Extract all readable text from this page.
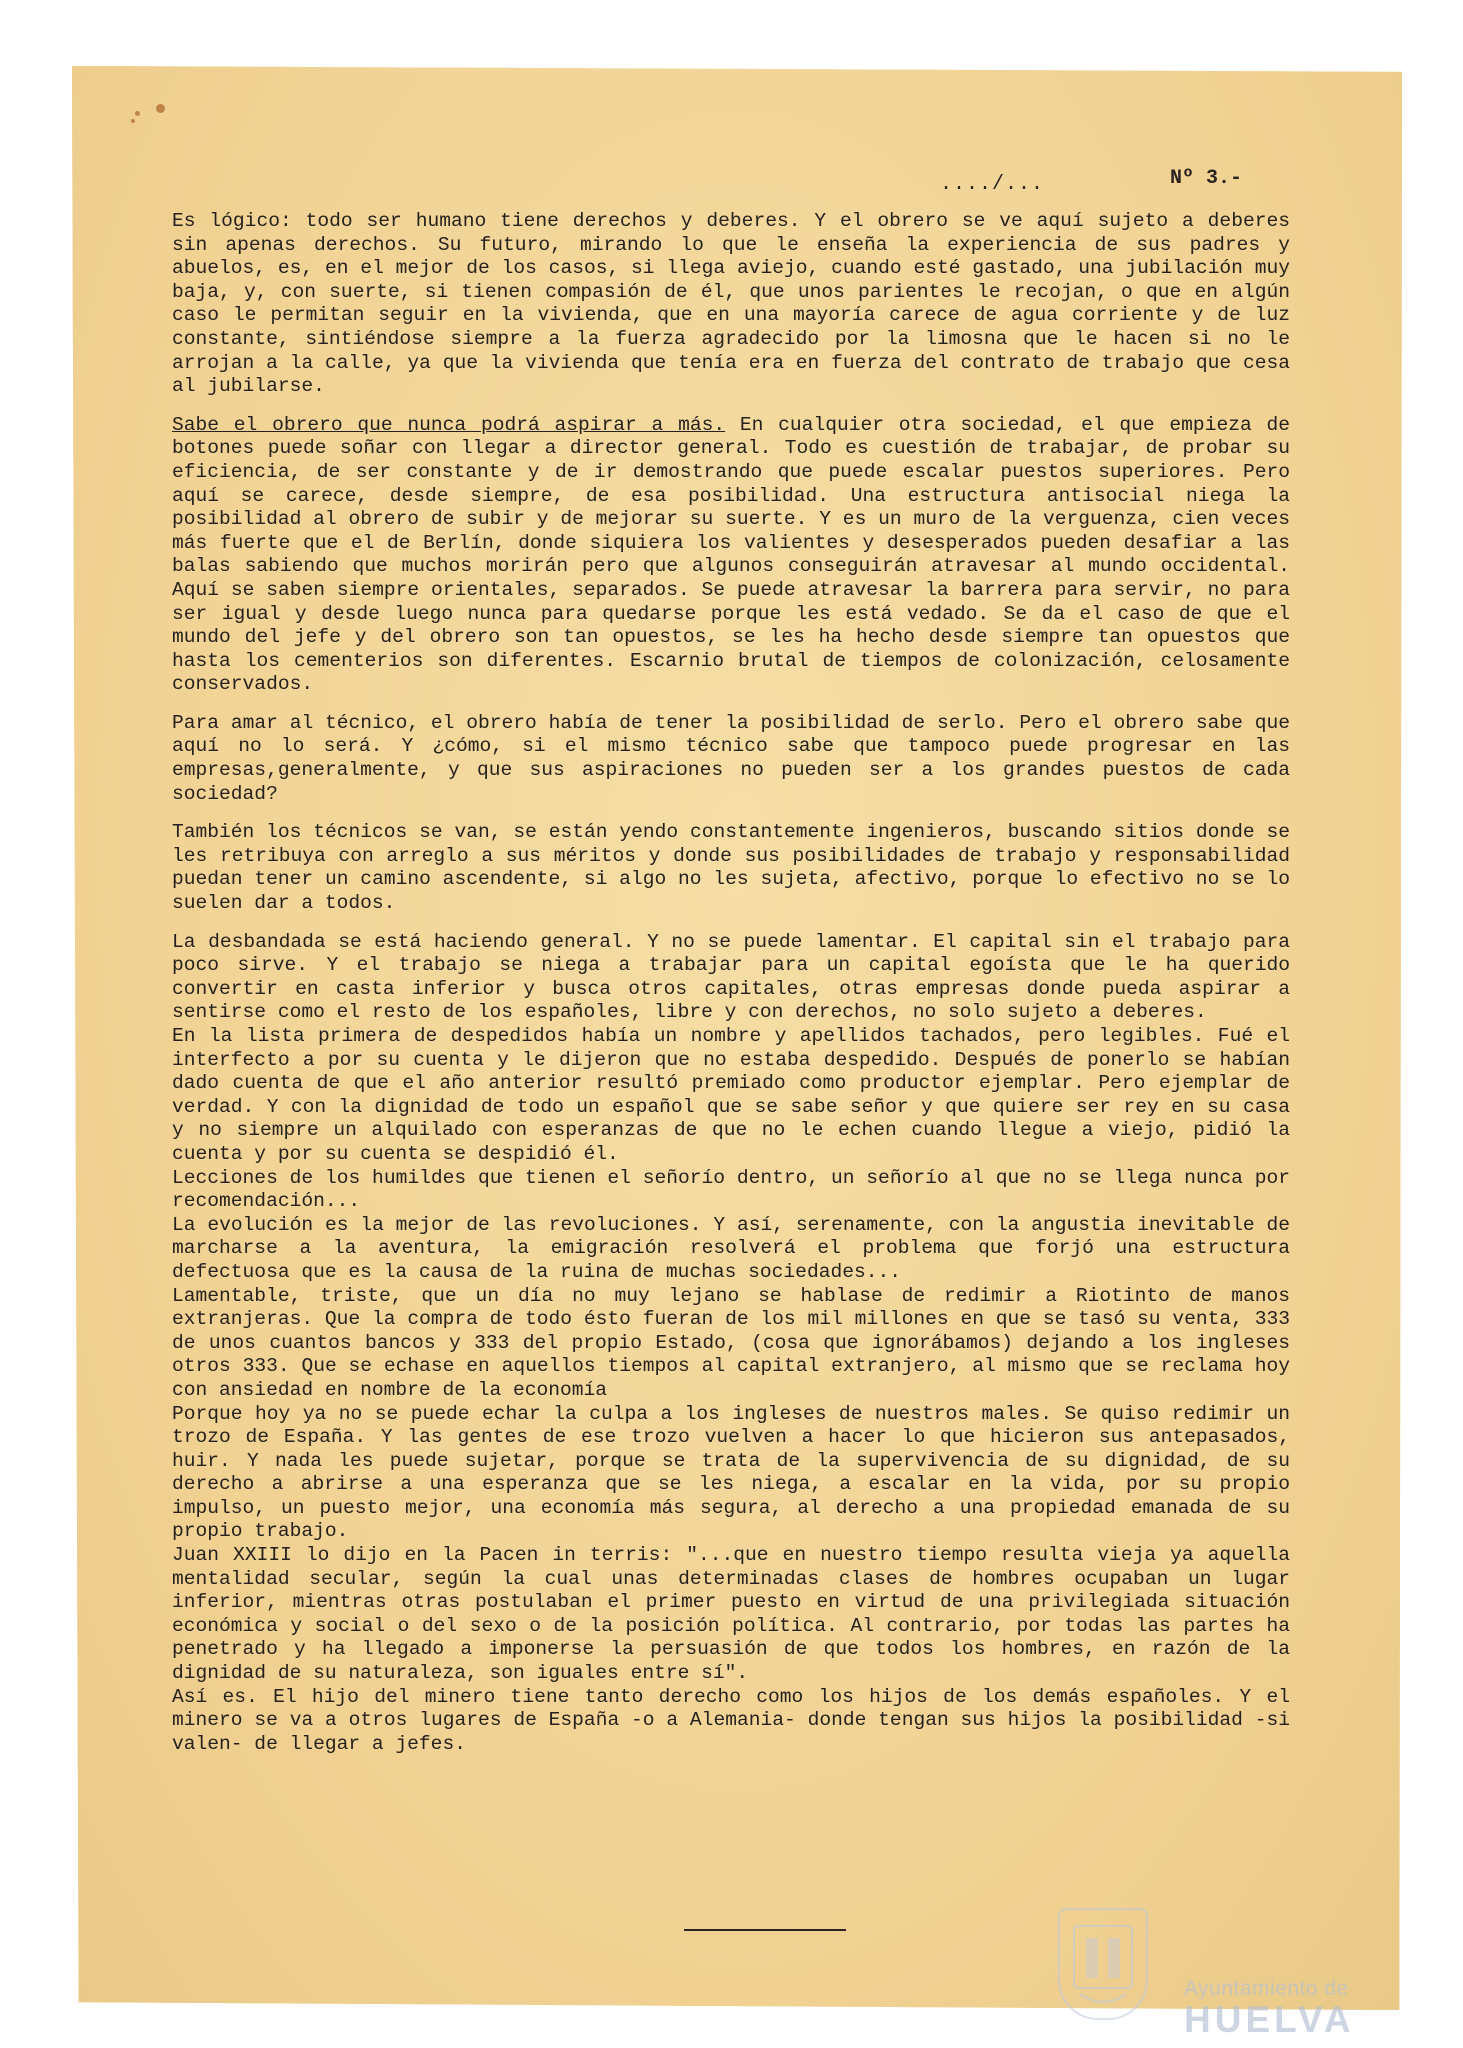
..../...	Nº 3.-

Es lógico: todo ser humano tiene derechos y deberes. Y el obrero se ve aquí sujeto a deberes sin apenas derechos. Su futuro, mirando lo que le enseña la experiencia de sus padres y abuelos, es, en el mejor de los casos, si llega aviejo, cuando esté gastado, una jubilación muy baja, y, con suerte, si tienen compasión de él, que unos parientes le recojan, o que en algún caso le permitan seguir en la vivienda, que en una mayoría carece de agua corriente y de luz constante, sintiéndose siempre a la fuerza agradecido por la limosna que le hacen si no le arrojan a la calle, ya que la vivienda que tenía era en fuerza del contrato de trabajo que cesa al jubilarse.

Sabe el obrero que nunca podrá aspirar a más. En cualquier otra sociedad, el que empieza de botones puede soñar con llegar a director general. Todo es cuestión de trabajar, de probar su eficiencia, de ser constante y de ir demostrando que puede escalar puestos superiores. Pero aquí se carece, desde siempre, de esa posibilidad. Una estructura antisocial niega la posibilidad al obrero de subir y de mejorar su suerte. Y es un muro de la verguenza, cien veces más fuerte que el de Berlín, donde siquiera los valientes y desesperados pueden desafiar a las balas sabiendo que muchos morirán pero que algunos conseguirán atravesar al mundo occidental. Aquí se saben siempre orientales, separados. Se puede atravesar la barrera para servir, no para ser igual y desde luego nunca para quedarse porque les está vedado. Se da el caso de que el mundo del jefe y del obrero son tan opuestos, se les ha hecho desde siempre tan opuestos que hasta los cementerios son diferentes. Escarnio brutal de tiempos de colonización, celosamente conservados.

Para amar al técnico, el obrero había de tener la posibilidad de serlo. Pero el obrero sabe que aquí no lo será. Y ¿cómo, si el mismo técnico sabe que tampoco puede progresar en las empresas,generalmente, y que sus aspiraciones no pueden ser a los grandes puestos de cada sociedad?

También los técnicos se van, se están yendo constantemente ingenieros, buscando sitios donde se les retribuya con arreglo a sus méritos y donde sus posibilidades de trabajo y responsabilidad puedan tener un camino ascendente, si algo no les sujeta, afectivo, porque lo efectivo no se lo suelen dar a todos.

La desbandada se está haciendo general. Y no se puede lamentar. El capital sin el trabajo para poco sirve. Y el trabajo se niega a trabajar para un capital egoísta que le ha querido convertir en casta inferior y busca otros capitales, otras empresas donde pueda aspirar a sentirse como el resto de los españoles, libre y con derechos, no solo sujeto a deberes.

En la lista primera de despedidos había un nombre y apellidos tachados, pero legibles. Fué el interfecto a por su cuenta y le dijeron que no estaba despedido. Después de ponerlo se habían dado cuenta de que el año anterior resultó premiado como productor ejemplar. Pero ejemplar de verdad. Y con la dignidad de todo un español que se sabe señor y que quiere ser rey en su casa y no siempre un alquilado con esperanzas de que no le echen cuando llegue a viejo, pidió la cuenta y por su cuenta se despidió él.

Lecciones de los humildes que tienen el señorío dentro, un señorío al que no se llega nunca por recomendación...

La evolución es la mejor de las revoluciones. Y así, serenamente, con la angustia inevitable de marcharse a la aventura, la emigración resolverá el problema que forjó una estructura defectuosa que es la causa de la ruina de muchas sociedades...

Lamentable, triste, que un día no muy lejano se hablase de redimir a Riotinto de manos extranjeras. Que la compra de todo ésto fueran de los mil millones en que se tasó su venta, 333 de unos cuantos bancos y 333 del propio Estado, (cosa que ignorábamos) dejando a los ingleses otros 333. Que se echase en aquellos tiempos al capital extranjero, al mismo que se reclama hoy con ansiedad en nombre de la economía

Porque hoy ya no se puede echar la culpa a los ingleses de nuestros males. Se quiso redimir un trozo de España. Y las gentes de ese trozo vuelven a hacer lo que hicieron sus antepasados, huir. Y nada les puede sujetar, porque se trata de la supervivencia de su dignidad, de su derecho a abrirse a una esperanza que se les niega, a escalar en la vida, por su propio impulso, un puesto mejor, una economía más segura, al derecho a una propiedad emanada de su propio trabajo.

Juan XXIII lo dijo en la Pacen in terris: "...que en nuestro tiempo resulta vieja ya aquella mentalidad secular, según la cual unas determinadas clases de hombres ocupaban un lugar inferior, mientras otras postulaban el primer puesto en virtud de una privilegiada situación económica y social o del sexo o de la posición política. Al contrario, por todas las partes ha penetrado y ha llegado a imponerse la persuasión de que todos los hombres, en razón de la dignidad de su naturaleza, son iguales entre sí".

Así es. El hijo del minero tiene tanto derecho como los hijos de los demás españoles. Y el minero se va a otros lugares de España -o a Alemania- donde tengan sus hijos la posibilidad -si valen- de llegar a jefes.

Ayuntamiento de
HUELVA
